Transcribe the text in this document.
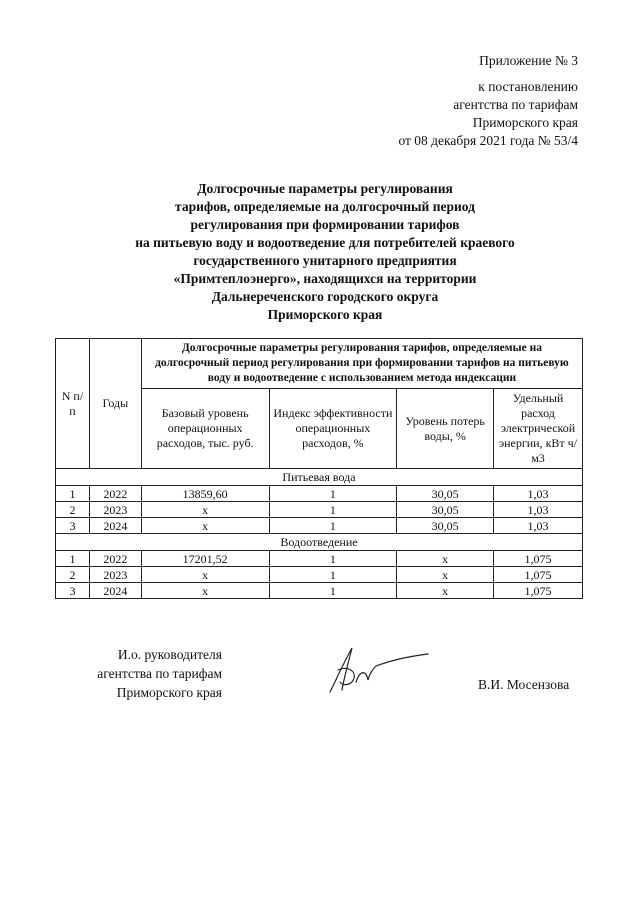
Приложение № 3
к постановлению
агентства по тарифам
Приморского края
от 08 декабря 2021 года № 53/4
Долгосрочные параметры регулирования
тарифов, определяемые на долгосрочный период
регулирования при формировании тарифов
на питьевую воду и водоотведение для потребителей краевого
государственного унитарного предприятия
«Примтеплоэнерго», находящихся на территории
Дальнереченского городского округа
Приморского края
N п/п	Годы	Долгосрочные параметры регулирования тарифов, определяемые на долгосрочный период регулирования при формировании тарифов на питьевую воду и водоотведение с использованием метода индексации			
		Базовый уровень операционных расходов, тыс. руб.	Индекс эффективности операционных расходов, %	Уровень потерь воды, %	Удельный расход электрической энергии, кВт ч/м3
Питьевая вода					
1	2022	13859,60	1	30,05	1,03
2	2023	х	1	30,05	1,03
3	2024	х	1	30,05	1,03
Водоотведение					
1	2022	17201,52	1	х	1,075
2	2023	х	1	х	1,075
3	2024	х	1	х	1,075
И.о. руководителя
агентства по тарифам
Приморского края
В.И. Мосензова
